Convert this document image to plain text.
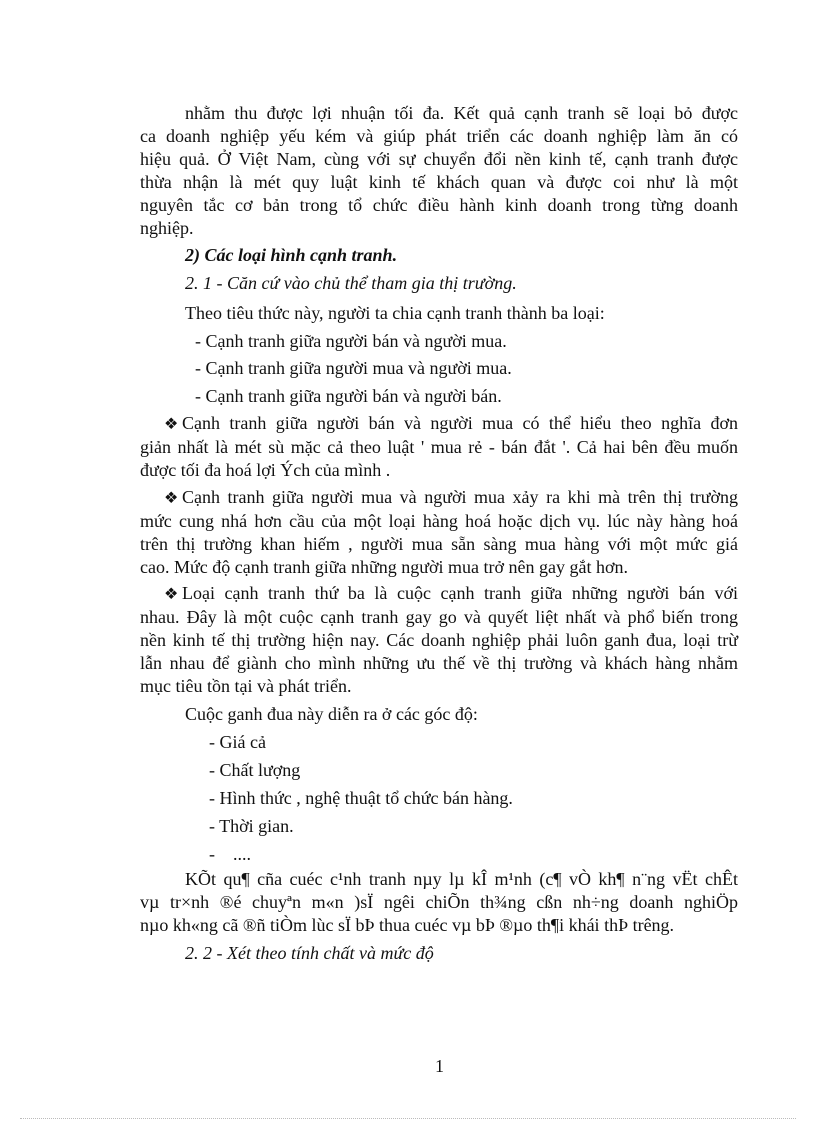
nhằm thu được lợi nhuận tối đa. Kết quả cạnh tranh sẽ loại bỏ được
ca doanh nghiệp yếu kém và giúp phát triển các doanh nghiệp làm ăn có
hiệu quả. Ở Việt Nam, cùng với sự chuyển đổi nền kinh tế, cạnh tranh được
thừa nhận là mét quy luật kinh tế khách quan và được coi như là một
nguyên tắc cơ bản trong tổ chức điều hành kinh doanh trong từng doanh
nghiệp.
2) Các loại hình cạnh tranh.
2. 1 - Căn cứ vào chủ thể tham gia thị trường.
Theo tiêu thức này, người ta chia cạnh tranh thành ba loại:
- Cạnh tranh giữa người bán và người mua.
- Cạnh tranh giữa người mua và người mua.
- Cạnh tranh giữa người bán và người bán.
❖ Cạnh tranh giữa người bán và người mua có thể hiểu theo nghĩa đơn
giản nhất là mét sù mặc cả theo luật ' mua rẻ - bán đắt '. Cả hai bên đều muốn
được tối đa hoá lợi Ých của mình .
❖ Cạnh tranh giữa người mua và người mua xảy ra khi mà trên thị trường
mức cung nhá hơn cầu của một loại hàng hoá hoặc dịch vụ. lúc này hàng hoá
trên thị trường khan hiếm , người mua sẵn sàng mua hàng với một mức giá
cao. Mức độ cạnh tranh giữa những người mua trở nên gay gắt hơn.
❖ Loại cạnh tranh thứ ba là cuộc cạnh tranh giữa những người bán với
nhau. Đây là một cuộc cạnh tranh gay go và quyết liệt nhất và phổ biến trong
nền kinh tế thị trường hiện nay. Các doanh nghiệp phải luôn ganh đua, loại trừ
lẫn nhau để giành cho mình những ưu thế về thị trường và khách hàng nhằm
mục tiêu tồn tại và phát triển.
Cuộc ganh đua này diễn ra ở các góc độ:
- Giá cả
- Chất lượng
- Hình thức , nghệ thuật tổ chức bán hàng.
- Thời gian.
-    ....
KÕt qu¶ cña cuéc c¹nh tranh nµy lµ kÎ m¹nh (c¶ vÒ kh¶ n¨ng vËt chÊt
vµ tr×nh ®é chuyªn m«n )sÏ ngêi chiÕn th¾ng cßn nh÷ng doanh nghiÖp
nµo kh«ng cã ®ñ tiÒm lùc sÏ bÞ thua cuéc vµ bÞ ®µo th¶i khái thÞ trêng.
2. 2 - Xét theo tính chất và mức độ
1
